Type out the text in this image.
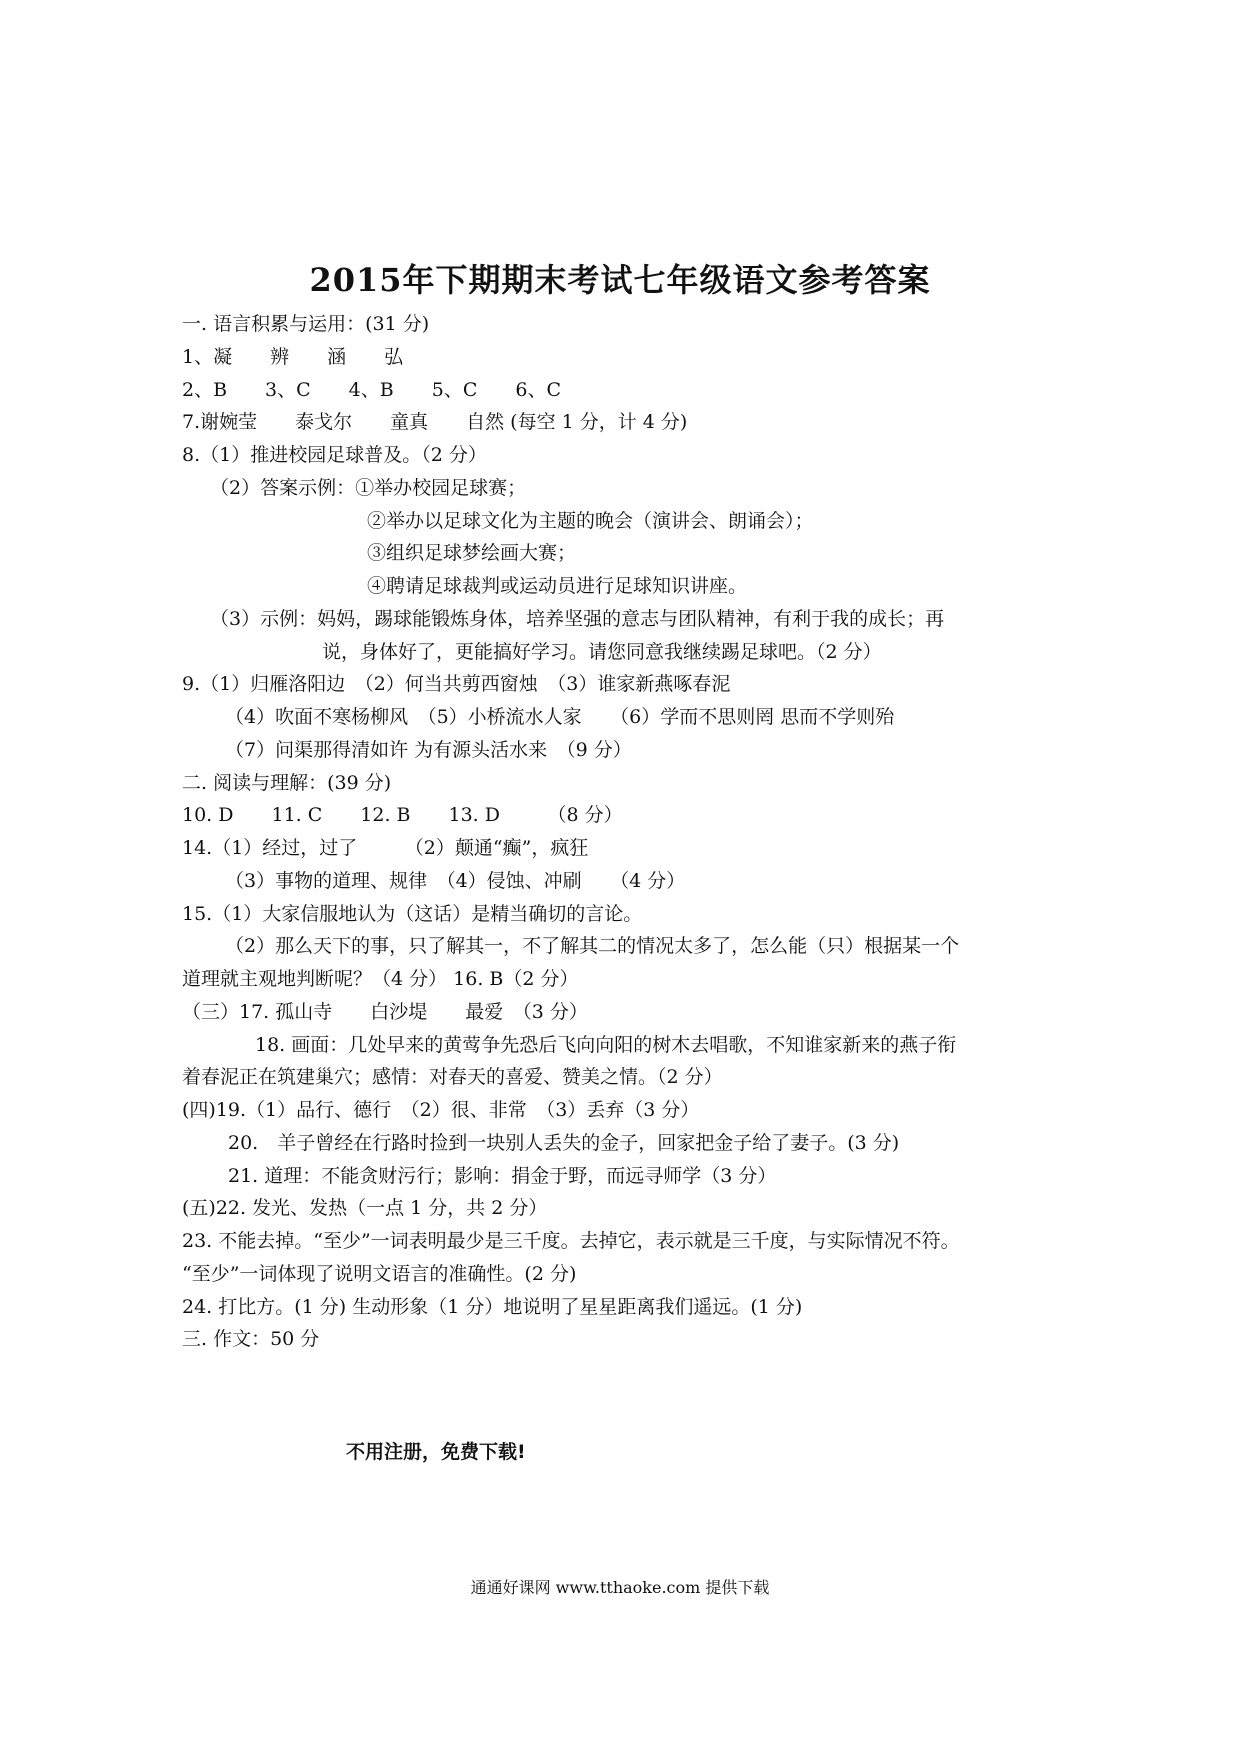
2015年下期期末考试七年级语文参考答案
一. 语言积累与运用：(31 分)
1、凝　　辨　　涵　　弘
2、B　　3、C　　4、B　　5、C　　6、C
7.谢婉莹　　泰戈尔　　童真　　自然 (每空 1 分，计 4 分)
8.（1）推进校园足球普及。（2 分）
（2）答案示例：①举办校园足球赛；
②举办以足球文化为主题的晚会（演讲会、朗诵会）；
③组织足球梦绘画大赛；
④聘请足球裁判或运动员进行足球知识讲座。
（3）示例：妈妈，踢球能锻炼身体，培养坚强的意志与团队精神，有利于我的成长；再
说，身体好了，更能搞好学习。请您同意我继续踢足球吧。（2 分）
9.（1）归雁洛阳边　（2）何当共剪西窗烛　（3）谁家新燕啄春泥
（4）吹面不寒杨柳风　（5）小桥流水人家　　（6）学而不思则罔 思而不学则殆
（7）问渠那得清如许 为有源头活水来　（9 分）
二. 阅读与理解：(39 分)
10. D　　11. C　　12. B　　13. D　　　（8 分）
14.（1）经过，过了　　　（2）颠通“癫”，疯狂
（3）事物的道理、规律　（4）侵蚀、冲刷　　（4 分）
15.（1）大家信服地认为（这话）是精当确切的言论。
（2）那么天下的事，只了解其一，不了解其二的情况太多了，怎么能（只）根据某一个
道理就主观地判断呢？（4 分） 16. B（2 分）
（三）17. 孤山寺　　白沙堤　　最爱　（3 分）
18. 画面：几处早来的黄莺争先恐后飞向向阳的树木去唱歌，不知谁家新来的燕子衔
着春泥正在筑建巢穴；感情：对春天的喜爱、赞美之情。（2 分）
(四)19.（1）品行、德行　（2）很、非常　（3）丢弃（3 分）
20.　羊子曾经在行路时捡到一块别人丢失的金子，回家把金子给了妻子。(3 分)
21. 道理：不能贪财污行；影响：捐金于野，而远寻师学（3 分）
(五)22. 发光、发热（一点 1 分，共 2 分）
23. 不能去掉。“至少”一词表明最少是三千度。去掉它，表示就是三千度，与实际情况不符。
“至少”一词体现了说明文语言的准确性。(2 分)
24. 打比方。(1 分) 生动形象（1 分）地说明了星星距离我们遥远。(1 分)
三. 作文：50 分
不用注册，免费下载!
通通好课网 www.tthaoke.com 提供下载
